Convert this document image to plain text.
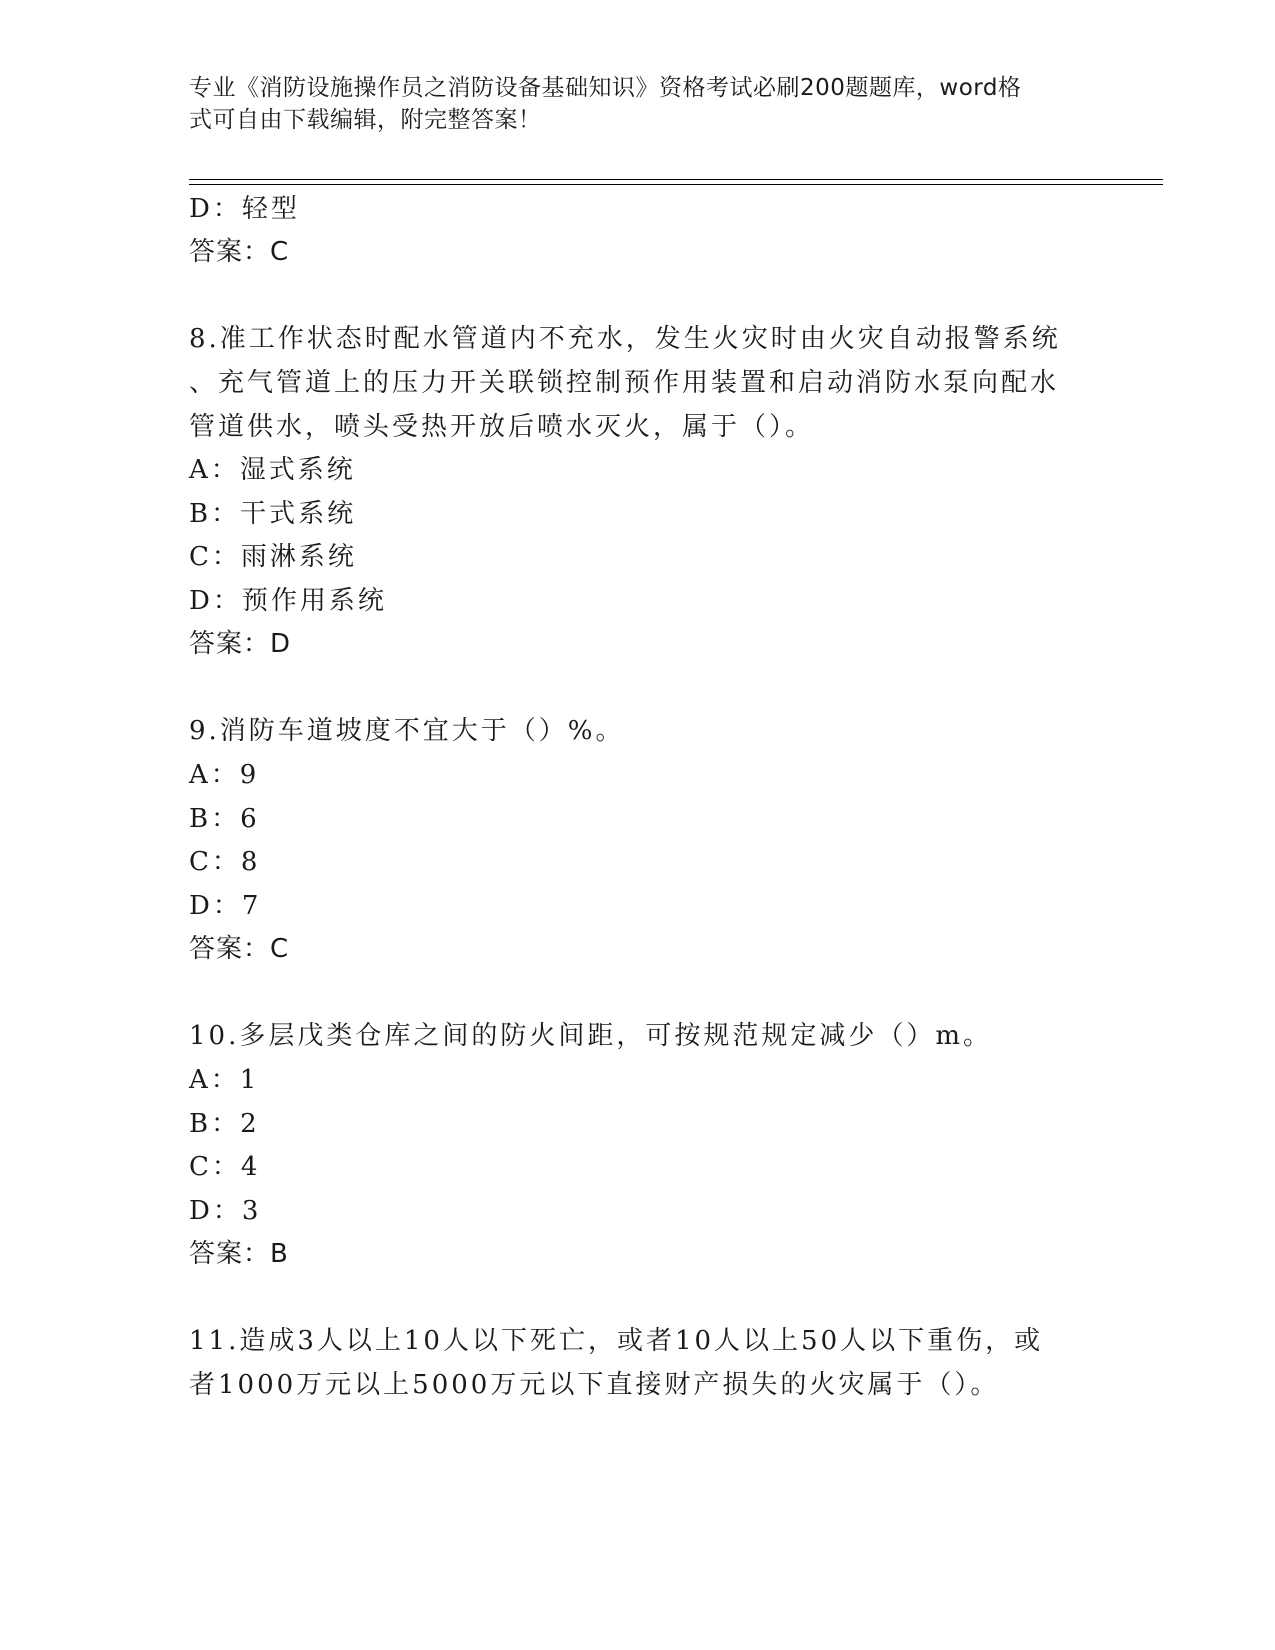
专业《消防设施操作员之消防设备基础知识》资格考试必刷200题题库，word格
式可自由下载编辑，附完整答案！
D：轻型
答案：C
8.准工作状态时配水管道内不充水，发生火灾时由火灾自动报警系统
、充气管道上的压力开关联锁控制预作用装置和启动消防水泵向配水
管道供水，喷头受热开放后喷水灭火，属于（）。
A：湿式系统
B：干式系统
C：雨淋系统
D：预作用系统
答案：D
9.消防车道坡度不宜大于（）%。
A：9
B：6
C：8
D：7
答案：C
10.多层戊类仓库之间的防火间距，可按规范规定减少（）m。
A：1
B：2
C：4
D：3
答案：B
11.造成3人以上10人以下死亡，或者10人以上50人以下重伤，或
者1000万元以上5000万元以下直接财产损失的火灾属于（）。
